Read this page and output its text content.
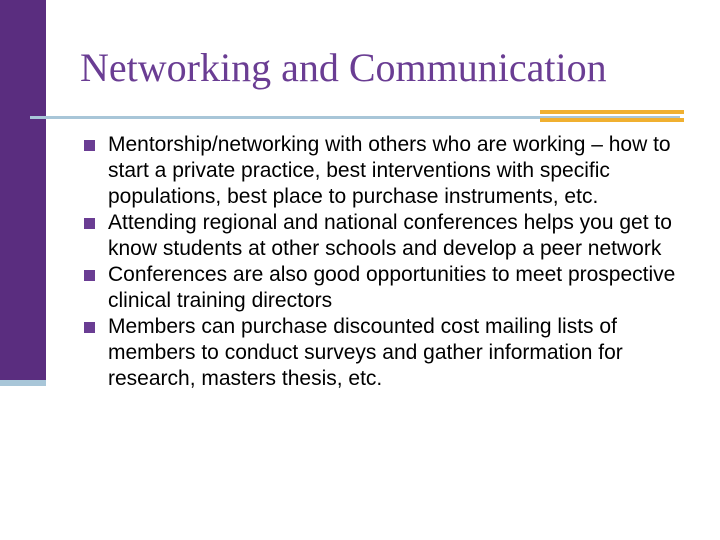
Networking and Communication
Mentorship/networking with others who are working – how to start a private practice, best interventions with specific populations, best place to purchase instruments, etc.
Attending regional and national conferences helps you get to know students at other schools and develop a peer network
Conferences are also good opportunities to meet prospective clinical training directors
Members can purchase discounted cost mailing lists of members to conduct surveys and gather information for research, masters thesis, etc.
